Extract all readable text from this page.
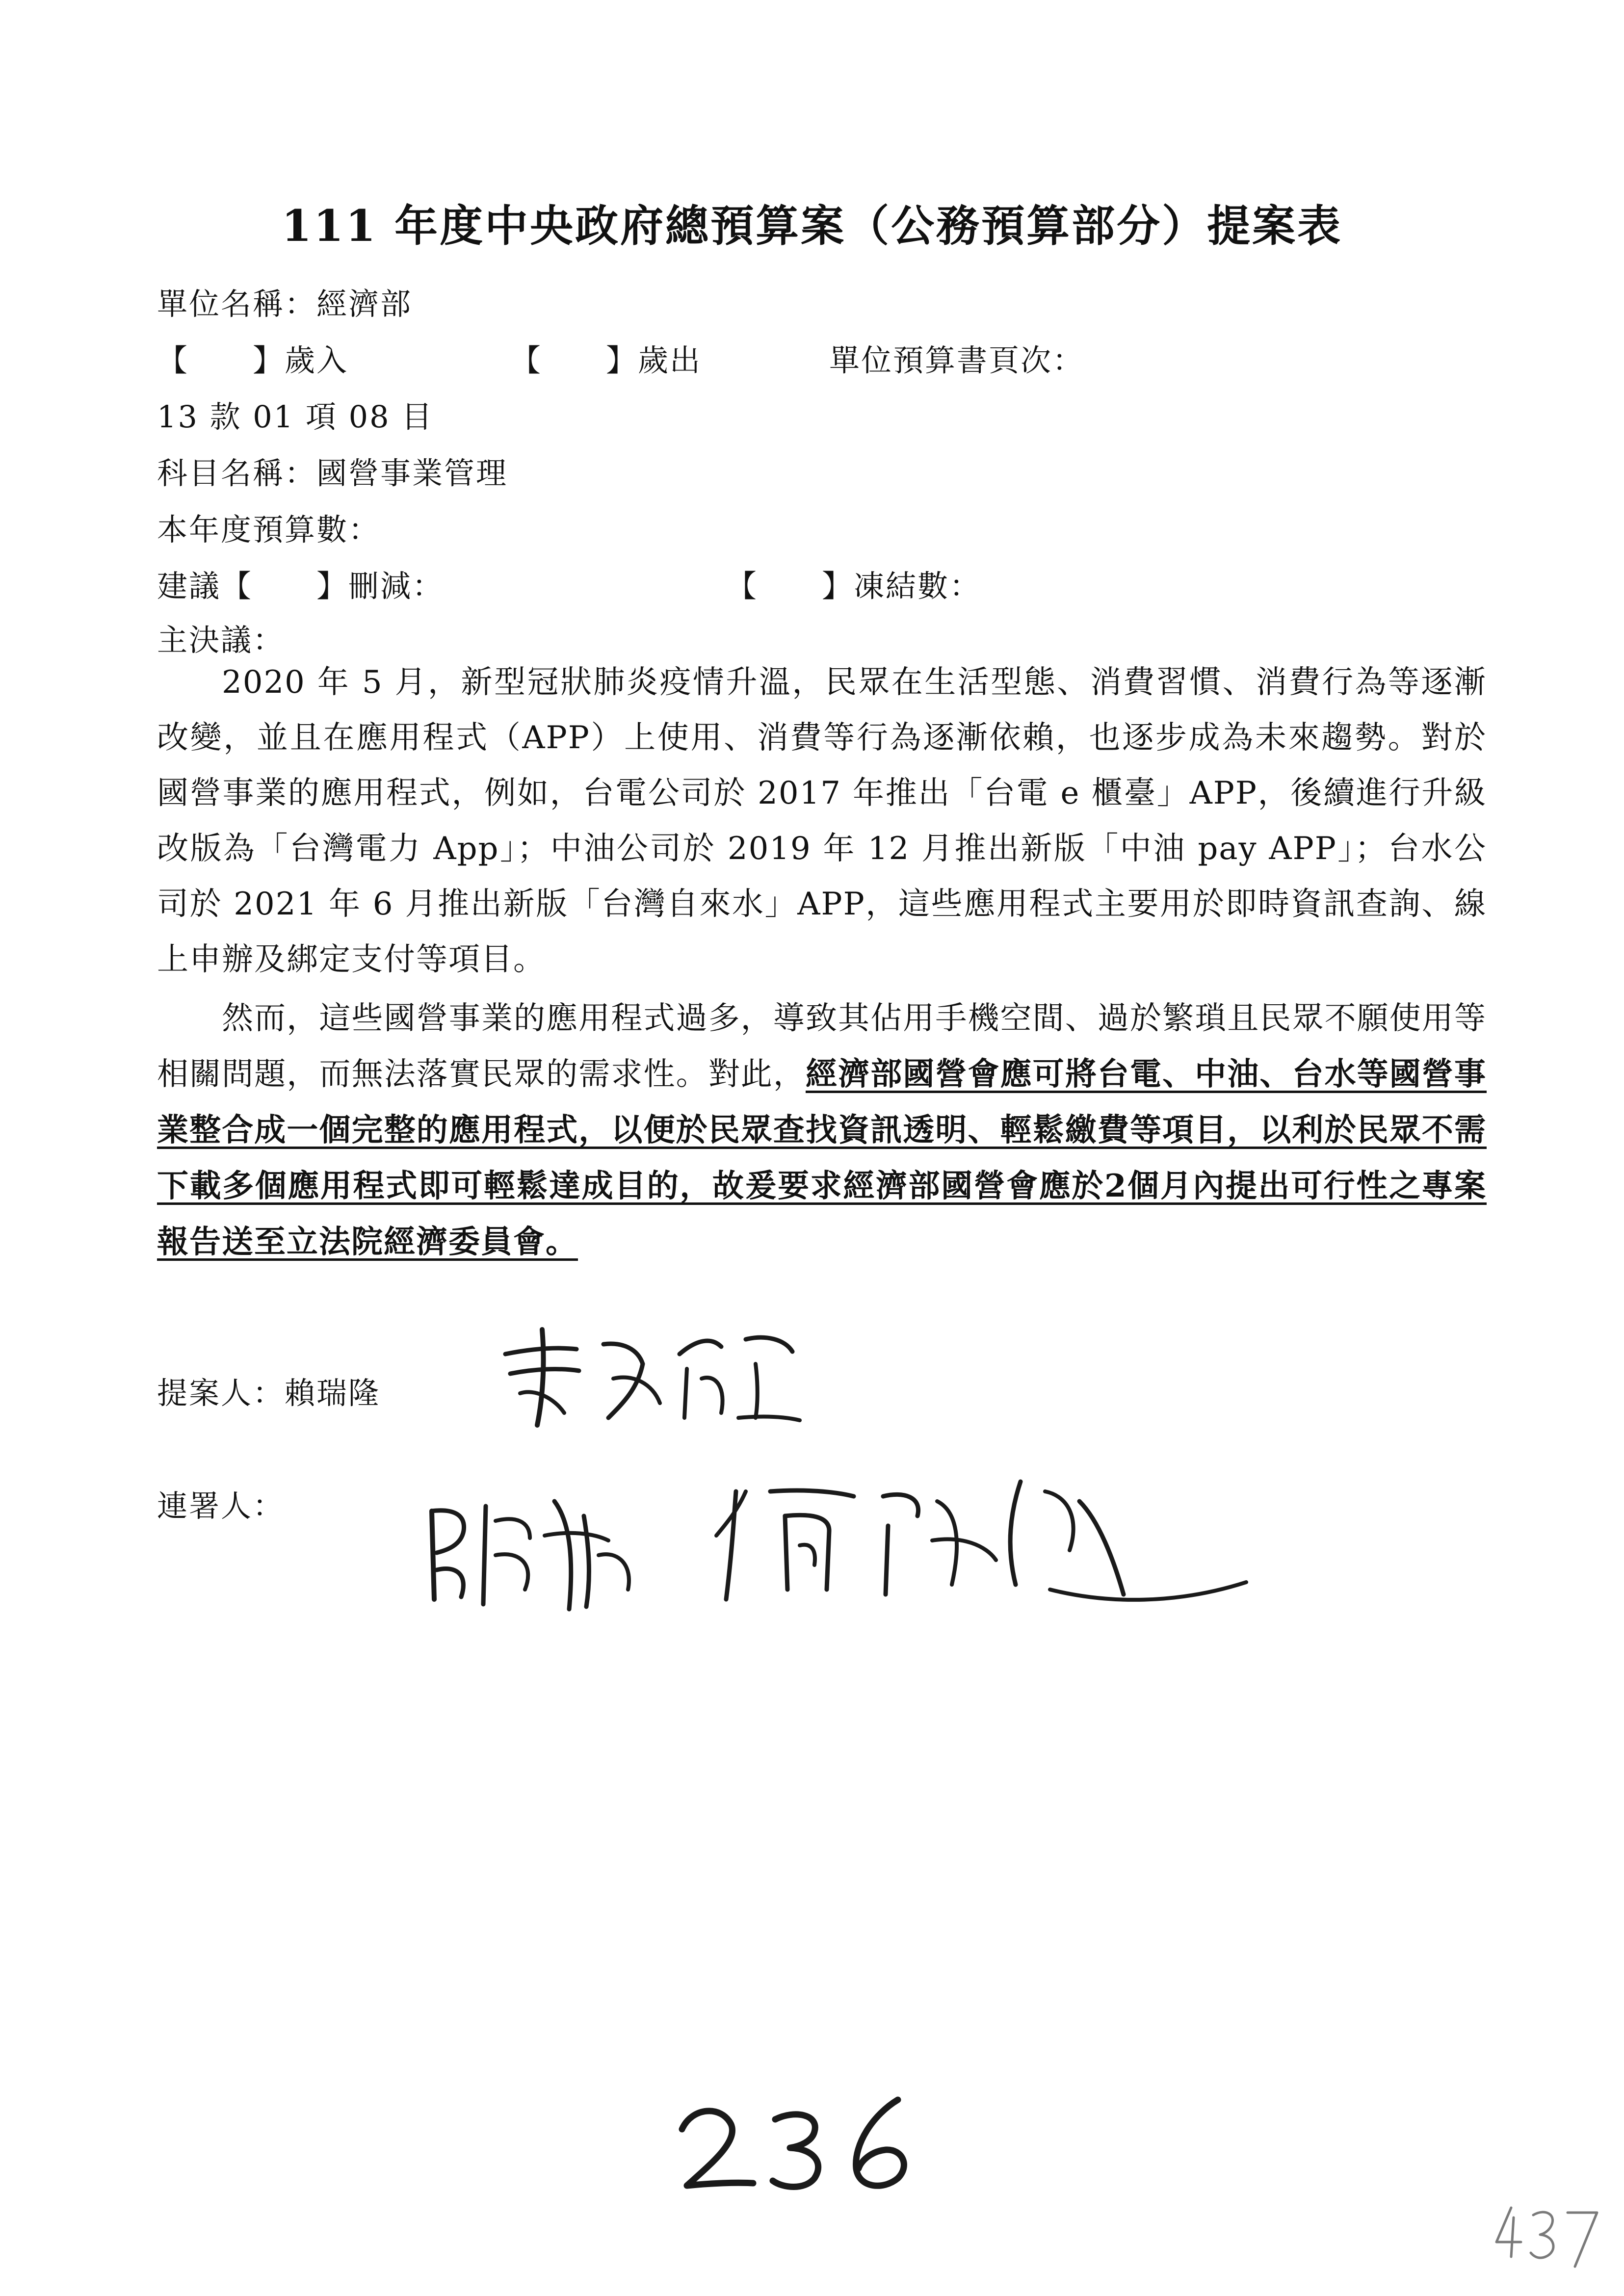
111 年度中央政府總預算案（公務預算部分）提案表
單位名稱：經濟部
【　　】歲入	【　　】歲出	單位預算書頁次：
13 款 01 項 08 目
科目名稱：國營事業管理
本年度預算數：
建議【　　】刪減：	【　　】凍結數：
主決議：

2020 年 5 月，新型冠狀肺炎疫情升溫，民眾在生活型態、消費習慣、消費行為等逐漸改變，並且在應用程式（APP）上使用、消費等行為逐漸依賴，也逐步成為未來趨勢。對於國營事業的應用程式，例如，台電公司於 2017 年推出「台電 e 櫃臺」APP，後續進行升級改版為「台灣電力 App」；中油公司於 2019 年 12 月推出新版「中油 pay APP」；台水公司於 2021 年 6 月推出新版「台灣自來水」APP，這些應用程式主要用於即時資訊查詢、線上申辦及綁定支付等項目。

然而，這些國營事業的應用程式過多，導致其佔用手機空間、過於繁瑣且民眾不願使用等相關問題，而無法落實民眾的需求性。對此，經濟部國營會應可將台電、中油、台水等國營事業整合成一個完整的應用程式，以便於民眾查找資訊透明、輕鬆繳費等項目，以利於民眾不需下載多個應用程式即可輕鬆達成目的，故爰要求經濟部國營會應於2個月內提出可行性之專案報告送至立法院經濟委員會。

提案人：賴瑞隆
連署人：
